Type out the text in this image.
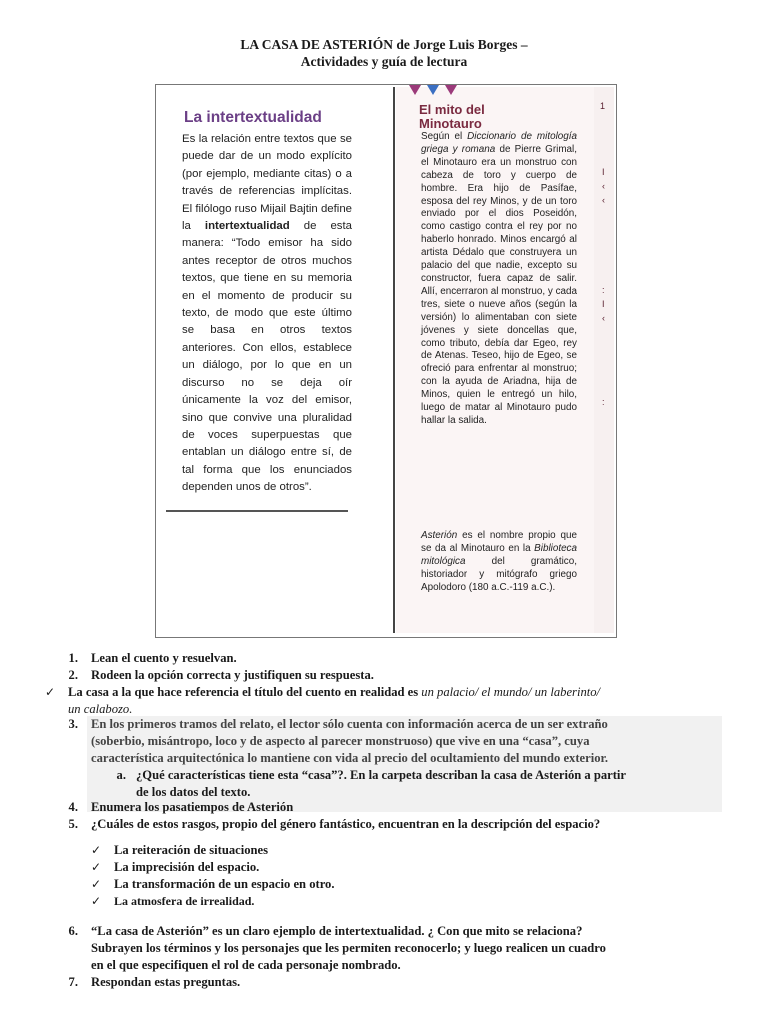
LA CASA DE ASTERIÓN de Jorge Luis Borges –
Actividades y guía de lectura
La intertextualidad
Es la relación entre textos que se puede dar de un modo explícito (por ejemplo, mediante citas) o a través de referencias implícitas. El filólogo ruso Mijail Bajtin define la intertextualidad de esta manera: “Todo emisor ha sido antes receptor de otros muchos textos, que tiene en su memoria en el momento de producir su texto, de modo que este último se basa en otros textos anteriores. Con ellos, establece un diálogo, por lo que en un discurso no se deja oír únicamente la voz del emisor, sino que convive una pluralidad de voces superpuestas que entablan un diálogo entre sí, de tal forma que los enunciados dependen unos de otros”.
El mito del
Minotauro
Según el Diccionario de mitología griega y romana de Pierre Grimal, el Minotauro era un monstruo con cabeza de toro y cuerpo de hombre. Era hijo de Pasífae, esposa del rey Minos, y de un toro enviado por el dios Poseidón, como castigo contra el rey por no haberlo honrado. Minos encargó al artista Dédalo que construyera un palacio del que nadie, excepto su constructor, fuera capaz de salir. Allí, encerraron al monstruo, y cada tres, siete o nueve años (según la versión) lo alimentaban con siete jóvenes y siete doncellas que, como tributo, debía dar Egeo, rey de Atenas. Teseo, hijo de Egeo, se ofreció para enfrentar al monstruo; con la ayuda de Ariadna, hija de Minos, quien le entregó un hilo, luego de matar al Minotauro pudo hallar la salida.
Asterión es el nombre propio que se da al Minotauro en la Biblioteca mitológica del gramático, historiador y mitógrafo griego Apolodoro (180 a.C.-119 a.C.).
1
I
‹
‹
:
I
‹
:
1. Lean el cuento y resuelvan.
2. Rodeen la opción correcta y justifiquen su respuesta.
✓ La casa a la que hace referencia el título del cuento en realidad es un palacio/ el mundo/ un laberinto/
un calabozo.
3. En los primeros tramos del relato, el lector sólo cuenta con información acerca de un ser extraño
(soberbio, misántropo, loco y de aspecto al parecer monstruoso) que vive en una “casa”, cuya
característica arquitectónica lo mantiene con vida al precio del ocultamiento del mundo exterior.
a. ¿Qué características tiene esta “casa”?. En la carpeta describan la casa de Asterión a partir
de los datos del texto.
4. Enumera los pasatiempos de Asterión
5. ¿Cuáles de estos rasgos, propio del género fantástico, encuentran en la descripción del espacio?
✓ La reiteración de situaciones
✓ La imprecisión del espacio.
✓ La transformación de un espacio en otro.
✓ La atmosfera de irrealidad.
6. “La casa de Asterión” es un claro ejemplo de intertextualidad. ¿ Con que mito se relaciona?
Subrayen los términos y los personajes que les permiten reconocerlo; y luego realicen un cuadro
en el que especifiquen el rol de cada personaje nombrado.
7. Respondan estas preguntas.
